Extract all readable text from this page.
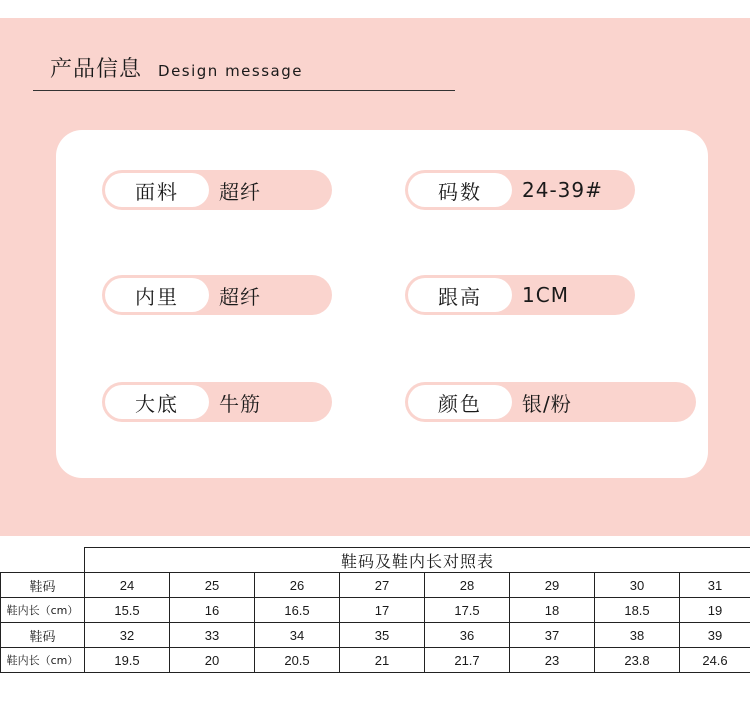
产品信息 Design message
面料	超纤	码数	24-39#
内里	超纤	跟高	1CM
大底	牛筋	颜色	银/粉
	鞋码及鞋内长对照表							
鞋码	24	25	26	27	28	29	30	31
鞋内长（cm）	15.5	16	16.5	17	17.5	18	18.5	19
鞋码	32	33	34	35	36	37	38	39
鞋内长（cm）	19.5	20	20.5	21	21.7	23	23.8	24.6
